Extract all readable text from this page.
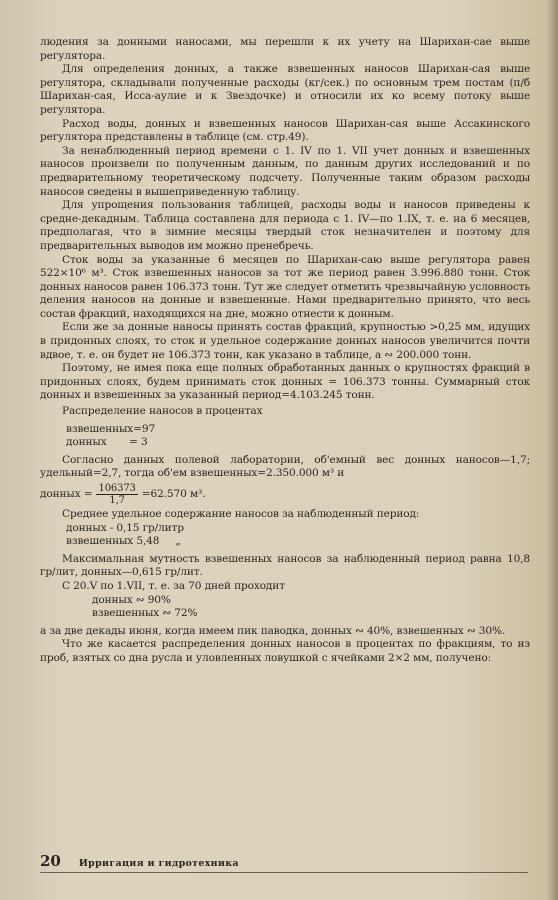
людения за донными наносами, мы перешли к их учету на Шарихан-сае выше регулятора.

Для определения донных, а также взвешенных наносов Шарихан-сая выше регулятора, складывали полученные расходы (кг/сек.) по основным трем постам (п/б Шарихан-сая, Исса-аулие и к Звездочке) и относили их ко всему потоку выше регулятора.

Расход воды, донных и взвешенных наносов Шарихан-сая выше Ассакинского регулятора представлены в таблице (см. стр.49).

За ненаблюденный период времени с 1. IV по 1. VII учет донных и взвешенных наносов произвели по полученным данным, по данным других исследований и по предварительному теоретическому подсчету. Полученные таким образом расходы наносов сведены в вышеприведенную таблицу.

Для упрощения пользования таблицей, расходы воды и наносов приведены к средне-декадным. Таблица составлена для периода с 1. IV—по 1.IX, т. е. на 6 месяцев, предполагая, что в зимние месяцы твердый сток незначителен и поэтому для предварительных выводов им можно пренебречь.

Сток воды за указанные 6 месяцев по Шарихан-саю выше регулятора равен 522×10⁶ м³. Сток взвешенных наносов за тот же период равен 3.996.880 тонн. Сток донных наносов равен 106.373 тонн. Тут же следует отметить чрезвычайную условность деления наносов на донные и взвешенные. Нами предварительно принято, что весь состав фракций, находящихся на дне, можно отнести к донным.

Если же за донные наносы принять состав фракций, крупностью >0,25 мм, идущих в придонных слоях, то сток и удельное содержание донных наносов увеличится почти вдвое, т. е. он будет не 106.373 тонн, как указано в таблице, а ∾ 200.000 тонн.

Поэтому, не имея пока еще полных обработанных данных о крупностях фракций в придонных слоях, будем принимать сток донных = 106.373 тонны. Суммарный сток донных и взвешенных за указанный период=4.103.245 тонн.

Распределение наносов в процентах

взвешенных=97
донных       = 3

Согласно данных полевой лаборатории, об'емный вес донных наносов—1,7; удельный=2,7, тогда об'ем взвешенных=2.350.000 м³ и

донных = $\frac{106373}{1,7} =62.570$ м³.

Среднее удельное содержание наносов за наблюденный период:

донных - 0,15 гр/литр
взвешенных 5,48     „

Максимальная мутность взвешенных наносов за наблюденный период равна 10,8 гр/лит, донных—0,615 гр/лит.

С 20.V по 1.VII, т. е. за 70 дней проходит

донных ∾ 90%
взвешенных ∾ 72%

а за две декады июня, когда имеем пик паводка, донных ∾ 40%, взвешенных ∾ 30%.

Что же касается распределения донных наносов в процентах по фракциям, то из проб, взятых со дна русла и уловленных ловушкой с ячейками 2×2 мм, получено:

20 Ирригация и гидротехника
